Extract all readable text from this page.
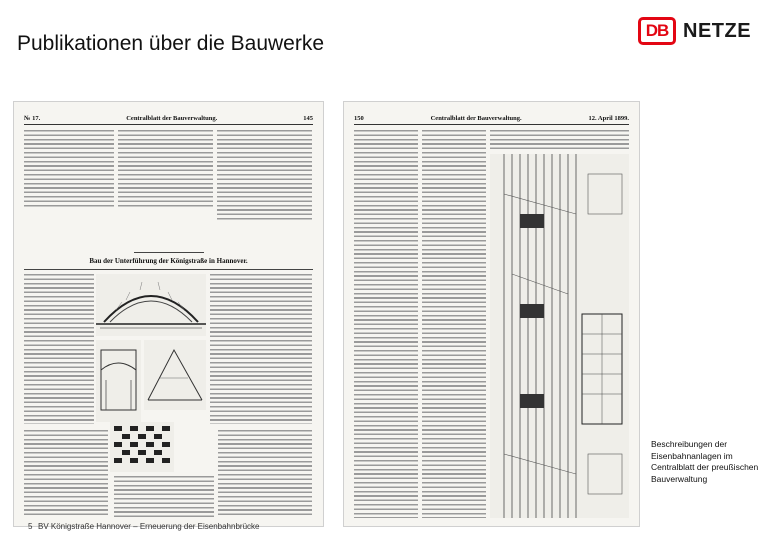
Publikationen über die Bauwerke
DB NETZE
№ 17.	Centralblatt der Bauverwaltung.	145
Bau der Unterführung der Königstraße in Hannover.
150	Centralblatt der Bauverwaltung.	12. April 1899.
Beschreibungen der Eisenbahnanlagen im Centralblatt der preußischen Bauverwaltung
5 BV Königstraße Hannover – Erneuerung der Eisenbahnbrücke
